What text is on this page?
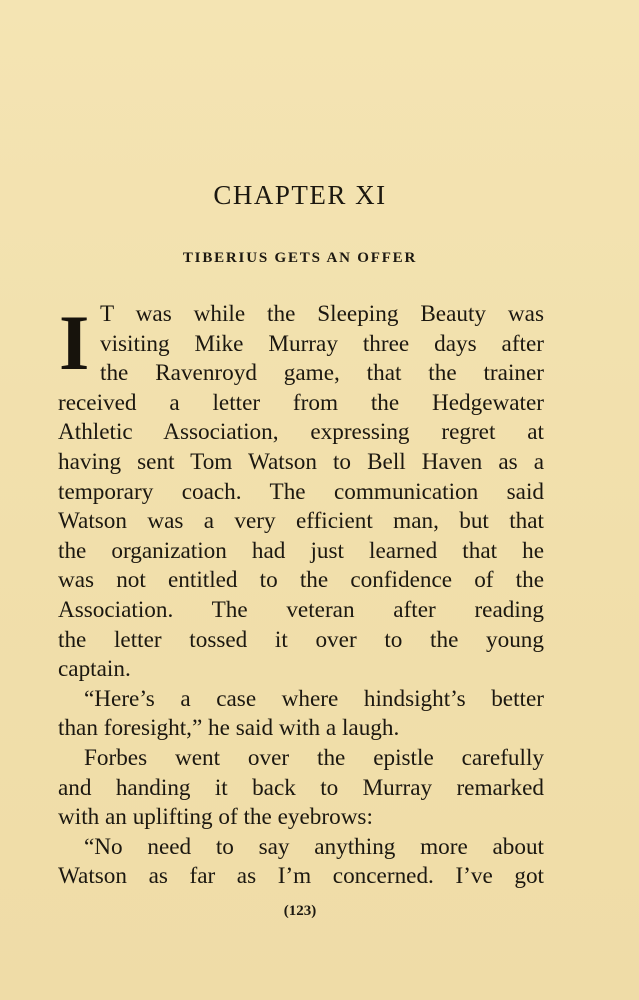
CHAPTER XI
TIBERIUS GETS AN OFFER
I T was while the Sleeping Beauty was
visiting Mike Murray three days after
the Ravenroyd game, that the trainer
received a letter from the Hedgewater
Athletic Association, expressing regret at
having sent Tom Watson to Bell Haven as a
temporary coach. The communication said
Watson was a very efficient man, but that
the organization had just learned that he
was not entitled to the confidence of the
Association. The veteran after reading
the letter tossed it over to the young
captain.
“Here’s a case where hindsight’s better
than foresight,” he said with a laugh.
Forbes went over the epistle carefully
and handing it back to Murray remarked
with an uplifting of the eyebrows:
“No need to say anything more about
Watson as far as I’m concerned. I’ve got
(123)
